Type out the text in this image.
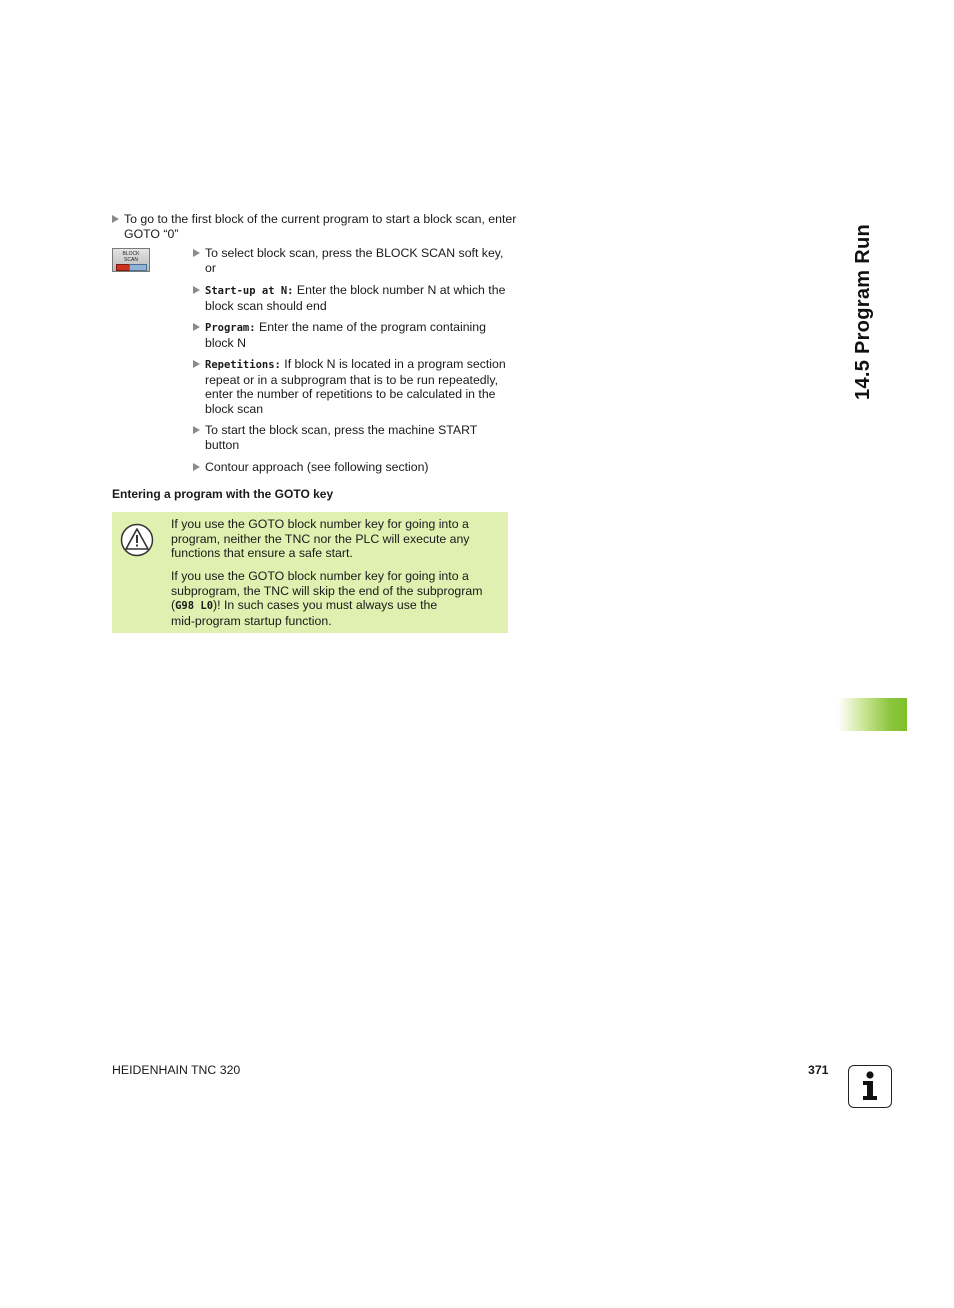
14.5 Program Run
To go to the first block of the current program to start a block scan, enter GOTO “0”
BLOCK
SCAN	To select block scan, press the BLOCK SCAN soft key,
or
Start-up at N: Enter the block number N at which the
block scan should end
Program: Enter the name of the program containing
block N
Repetitions: If block N is located in a program section
repeat or in a subprogram that is to be run repeatedly,
enter the number of repetitions to be calculated in the
block scan
To start the block scan, press the machine START
button
Contour approach (see following section)
Entering a program with the GOTO key
If you use the GOTO block number key for going into a
program, neither the TNC nor the PLC will execute any
functions that ensure a safe start.
If you use the GOTO block number key for going into a
subprogram, the TNC will skip the end of the subprogram
(G98 L0)! In such cases you must always use the
mid-program startup function.
HEIDENHAIN TNC 320	371
